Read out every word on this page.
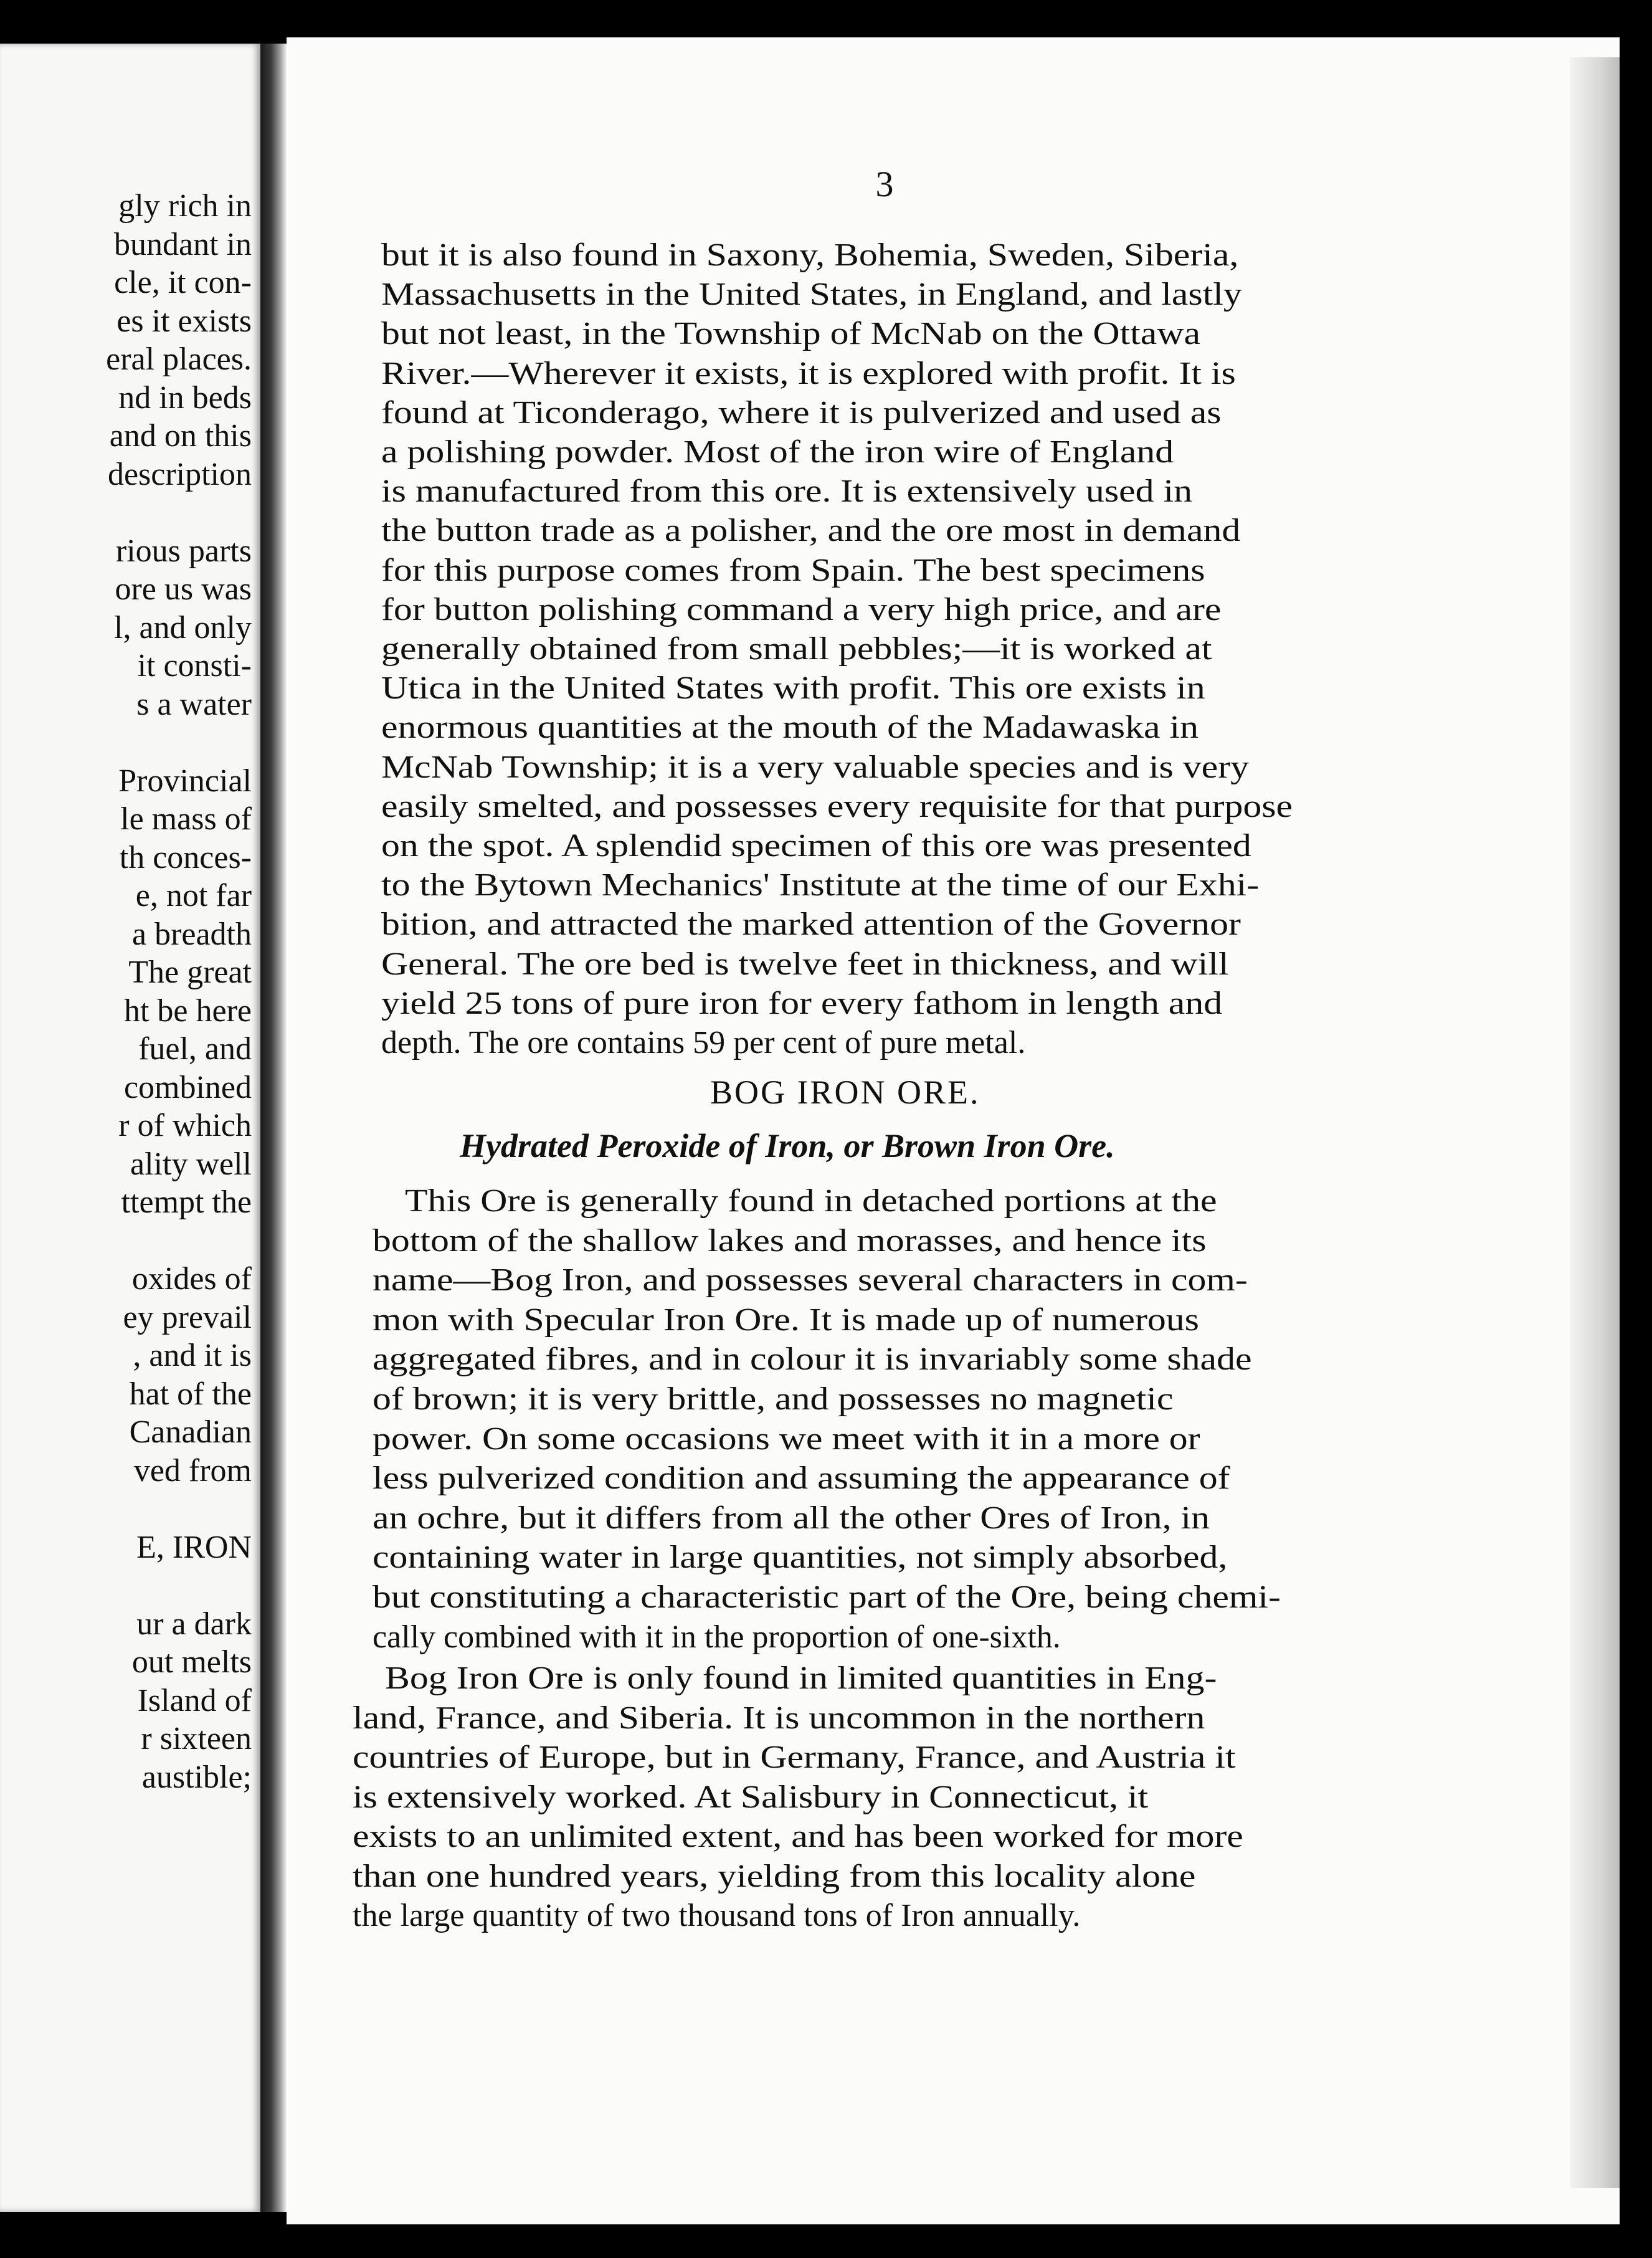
gly rich in
bundant in
cle, it con-
es it exists
eral places.
nd in beds
and on this
description
rious parts
ore us was
l, and only
it consti-
s a water
Provincial
le mass of
th conces-
e, not far
a breadth
The great
ht be here
fuel, and
combined
r of which
ality well
ttempt the
oxides of
ey prevail
, and it is
hat of the
Canadian
ved from
E, IRON
ur a dark
out melts
Island of
r sixteen
austible;
3
but it is also found in Saxony, Bohemia, Sweden, Siberia,
Massachusetts in the United States, in England, and lastly
but not least, in the Township of McNab on the Ottawa
River.—Wherever it exists, it is explored with profit. It is
found at Ticonderago, where it is pulverized and used as
a polishing powder. Most of the iron wire of England
is manufactured from this ore. It is extensively used in
the button trade as a polisher, and the ore most in demand
for this purpose comes from Spain. The best specimens
for button polishing command a very high price, and are
generally obtained from small pebbles;—it is worked at
Utica in the United States with profit. This ore exists in
enormous quantities at the mouth of the Madawaska in
McNab Township; it is a very valuable species and is very
easily smelted, and possesses every requisite for that purpose
on the spot. A splendid specimen of this ore was presented
to the Bytown Mechanics' Institute at the time of our Exhi-
bition, and attracted the marked attention of the Governor
General. The ore bed is twelve feet in thickness, and will
yield 25 tons of pure iron for every fathom in length and
depth. The ore contains 59 per cent of pure metal.
BOG IRON ORE.
Hydrated Peroxide of Iron, or Brown Iron Ore.
This Ore is generally found in detached portions at the
bottom of the shallow lakes and morasses, and hence its
name—Bog Iron, and possesses several characters in com-
mon with Specular Iron Ore. It is made up of numerous
aggregated fibres, and in colour it is invariably some shade
of brown; it is very brittle, and possesses no magnetic
power. On some occasions we meet with it in a more or
less pulverized condition and assuming the appearance of
an ochre, but it differs from all the other Ores of Iron, in
containing water in large quantities, not simply absorbed,
but constituting a characteristic part of the Ore, being chemi-
cally combined with it in the proportion of one-sixth.
Bog Iron Ore is only found in limited quantities in Eng-
land, France, and Siberia. It is uncommon in the northern
countries of Europe, but in Germany, France, and Austria it
is extensively worked. At Salisbury in Connecticut, it
exists to an unlimited extent, and has been worked for more
than one hundred years, yielding from this locality alone
the large quantity of two thousand tons of Iron annually.
